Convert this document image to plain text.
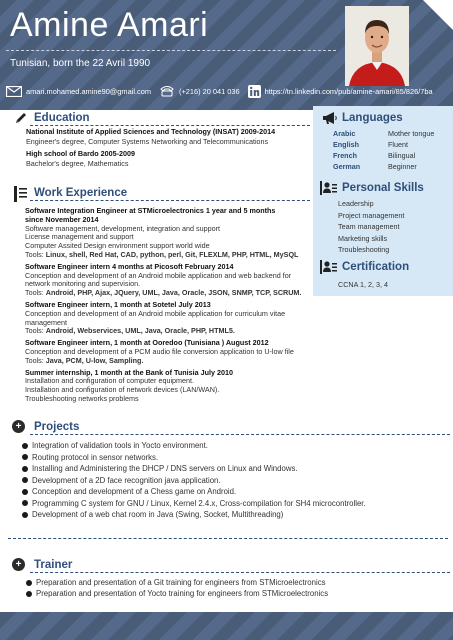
Amine Amari
Tunisian, born the 22 Avril 1990
amari.mohamed.amine90@gmail.com	(+216) 20 041 036	https://tn.linkedin.com/pub/amine-amari/85/826/7ba
Education
National Institute of Applied Sciences and Technology (INSAT) 2009-2014
Engineer's degree, Computer Systems Networking and Telecommunications
High school of Bardo 2005-2009
Bachelor's degree, Mathematics
Languages
Arabic	Mother tongue
English	Fluent
French	Bilingual
German	Beginner
Personal Skills
Leadership
Project management
Team management
Marketing skills
Troubleshooting
Certification
CCNA 1, 2, 3, 4
Work Experience
Software Integration Engineer at STMicroelectronics 1 year and 5 months since November 2014
Software management, development, integration and support
License management and support
Computer Assited Design environment support world wide
Tools: Linux, shell, Red Hat, CAD, python, perl, Git, FLEXLM, PHP, HTML, MySQL
Software Engineer intern 4 months at Picosoft February 2014
Conception and development of an Android mobile application and web backend for network monitoring and supervision.
Tools: Android, PHP, Ajax, JQuery, UML, Java, Oracle, JSON, SNMP, TCP, SCRUM.
Software Engineer intern, 1 month at Sotetel July 2013
Conception and development of an Android mobile application for curriculum vitae management
Tools: Android, Webservices, UML, Java, Oracle, PHP, HTML5.
Software Engineer intern, 1 month at Ooredoo (Tunisiana ) August 2012
Conception and development of a PCM audio file conversion application to U-low file
Tools: Java, PCM, U-low, Sampling.
Summer internship, 1 month at the Bank of Tunisia July 2010
Installation and configuration of computer equipment.
Installation and configuration of network devices (LAN/WAN).
Troubleshooting networks problems
+	Projects
Integration of validation tools in Yocto environment.
Routing protocol in sensor networks.
Installing and Administering the DHCP / DNS servers on Linux and Windows.
Development of a 2D face recognition java application.
Conception and development of a Chess game on Android.
Programming C system for GNU / Linux, Kernel 2.4.x, Cross-compilation for SH4 microcontroller.
Development of a web chat room in Java (Swing, Socket, Multithreading)
+	Trainer
Preparation and presentation of a Git training for engineers from STMicroelectronics
Preparation and presentation of Yocto training for engineers from STMicroelectronics
